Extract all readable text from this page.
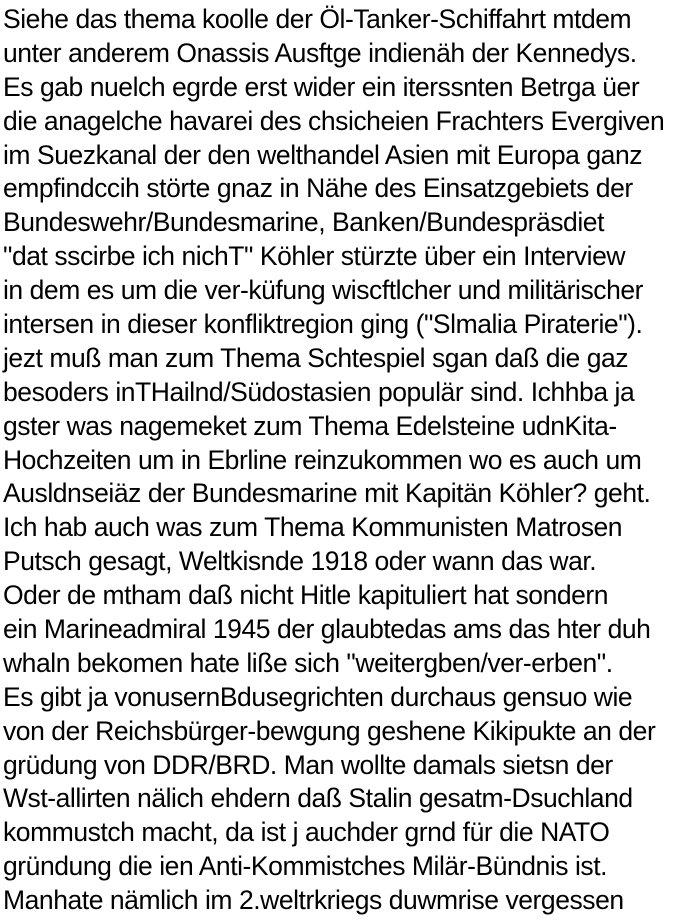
Siehe das thema koolle der Öl-Tanker-Schiffahrt mtdem

unter anderem Onassis Ausftge indienäh der Kennedys.

Es gab nuelch egrde erst wider ein iterssnten Betrga üer

die anagelche havarei des chsicheien Frachters Evergiven

im Suezkanal der den welthandel Asien mit Europa ganz

empfindccih störte gnaz in Nähe des Einsatzgebiets der

Bundeswehr/Bundesmarine, Banken/Bundespräsdiet

"dat sscirbe ich nichT" Köhler stürzte über ein Interview

in dem es um die ver-küfung wiscftlcher und militärischer

intersen in dieser konfliktregion ging ("Slmalia Piraterie").

jezt muß man zum Thema Schtespiel sgan daß die gaz

besoders inTHailnd/Südostasien populär sind. Ichhba ja

gster was nagemeket zum Thema Edelsteine udnKita-

Hochzeiten um in Ebrline reinzukommen wo es auch um

Ausldnseiäz der Bundesmarine mit Kapitän Köhler? geht.

Ich hab auch was zum Thema Kommunisten Matrosen

Putsch gesagt, Weltkisnde 1918 oder wann das war.

Oder de mtham daß nicht Hitle kapituliert hat sondern

ein Marineadmiral 1945 der glaubtedas ams das hter duh

whaln bekomen hate liße sich "weitergben/ver-erben".

Es gibt ja vonusernBdusegrichten durchaus gensuo wie

von der Reichsbürger-bewgung geshene Kikipukte an der

grüdung von DDR/BRD. Man wollte damals sietsn der

Wst-allirten nälich ehdern daß Stalin gesatm-Dsuchland

kommustch macht, da ist j auchder grnd für die NATO

gründung die ien Anti-Kommistches Milär-Bündnis ist.

Manhate nämlich im 2.weltrkriegs duwmrise vergessen
